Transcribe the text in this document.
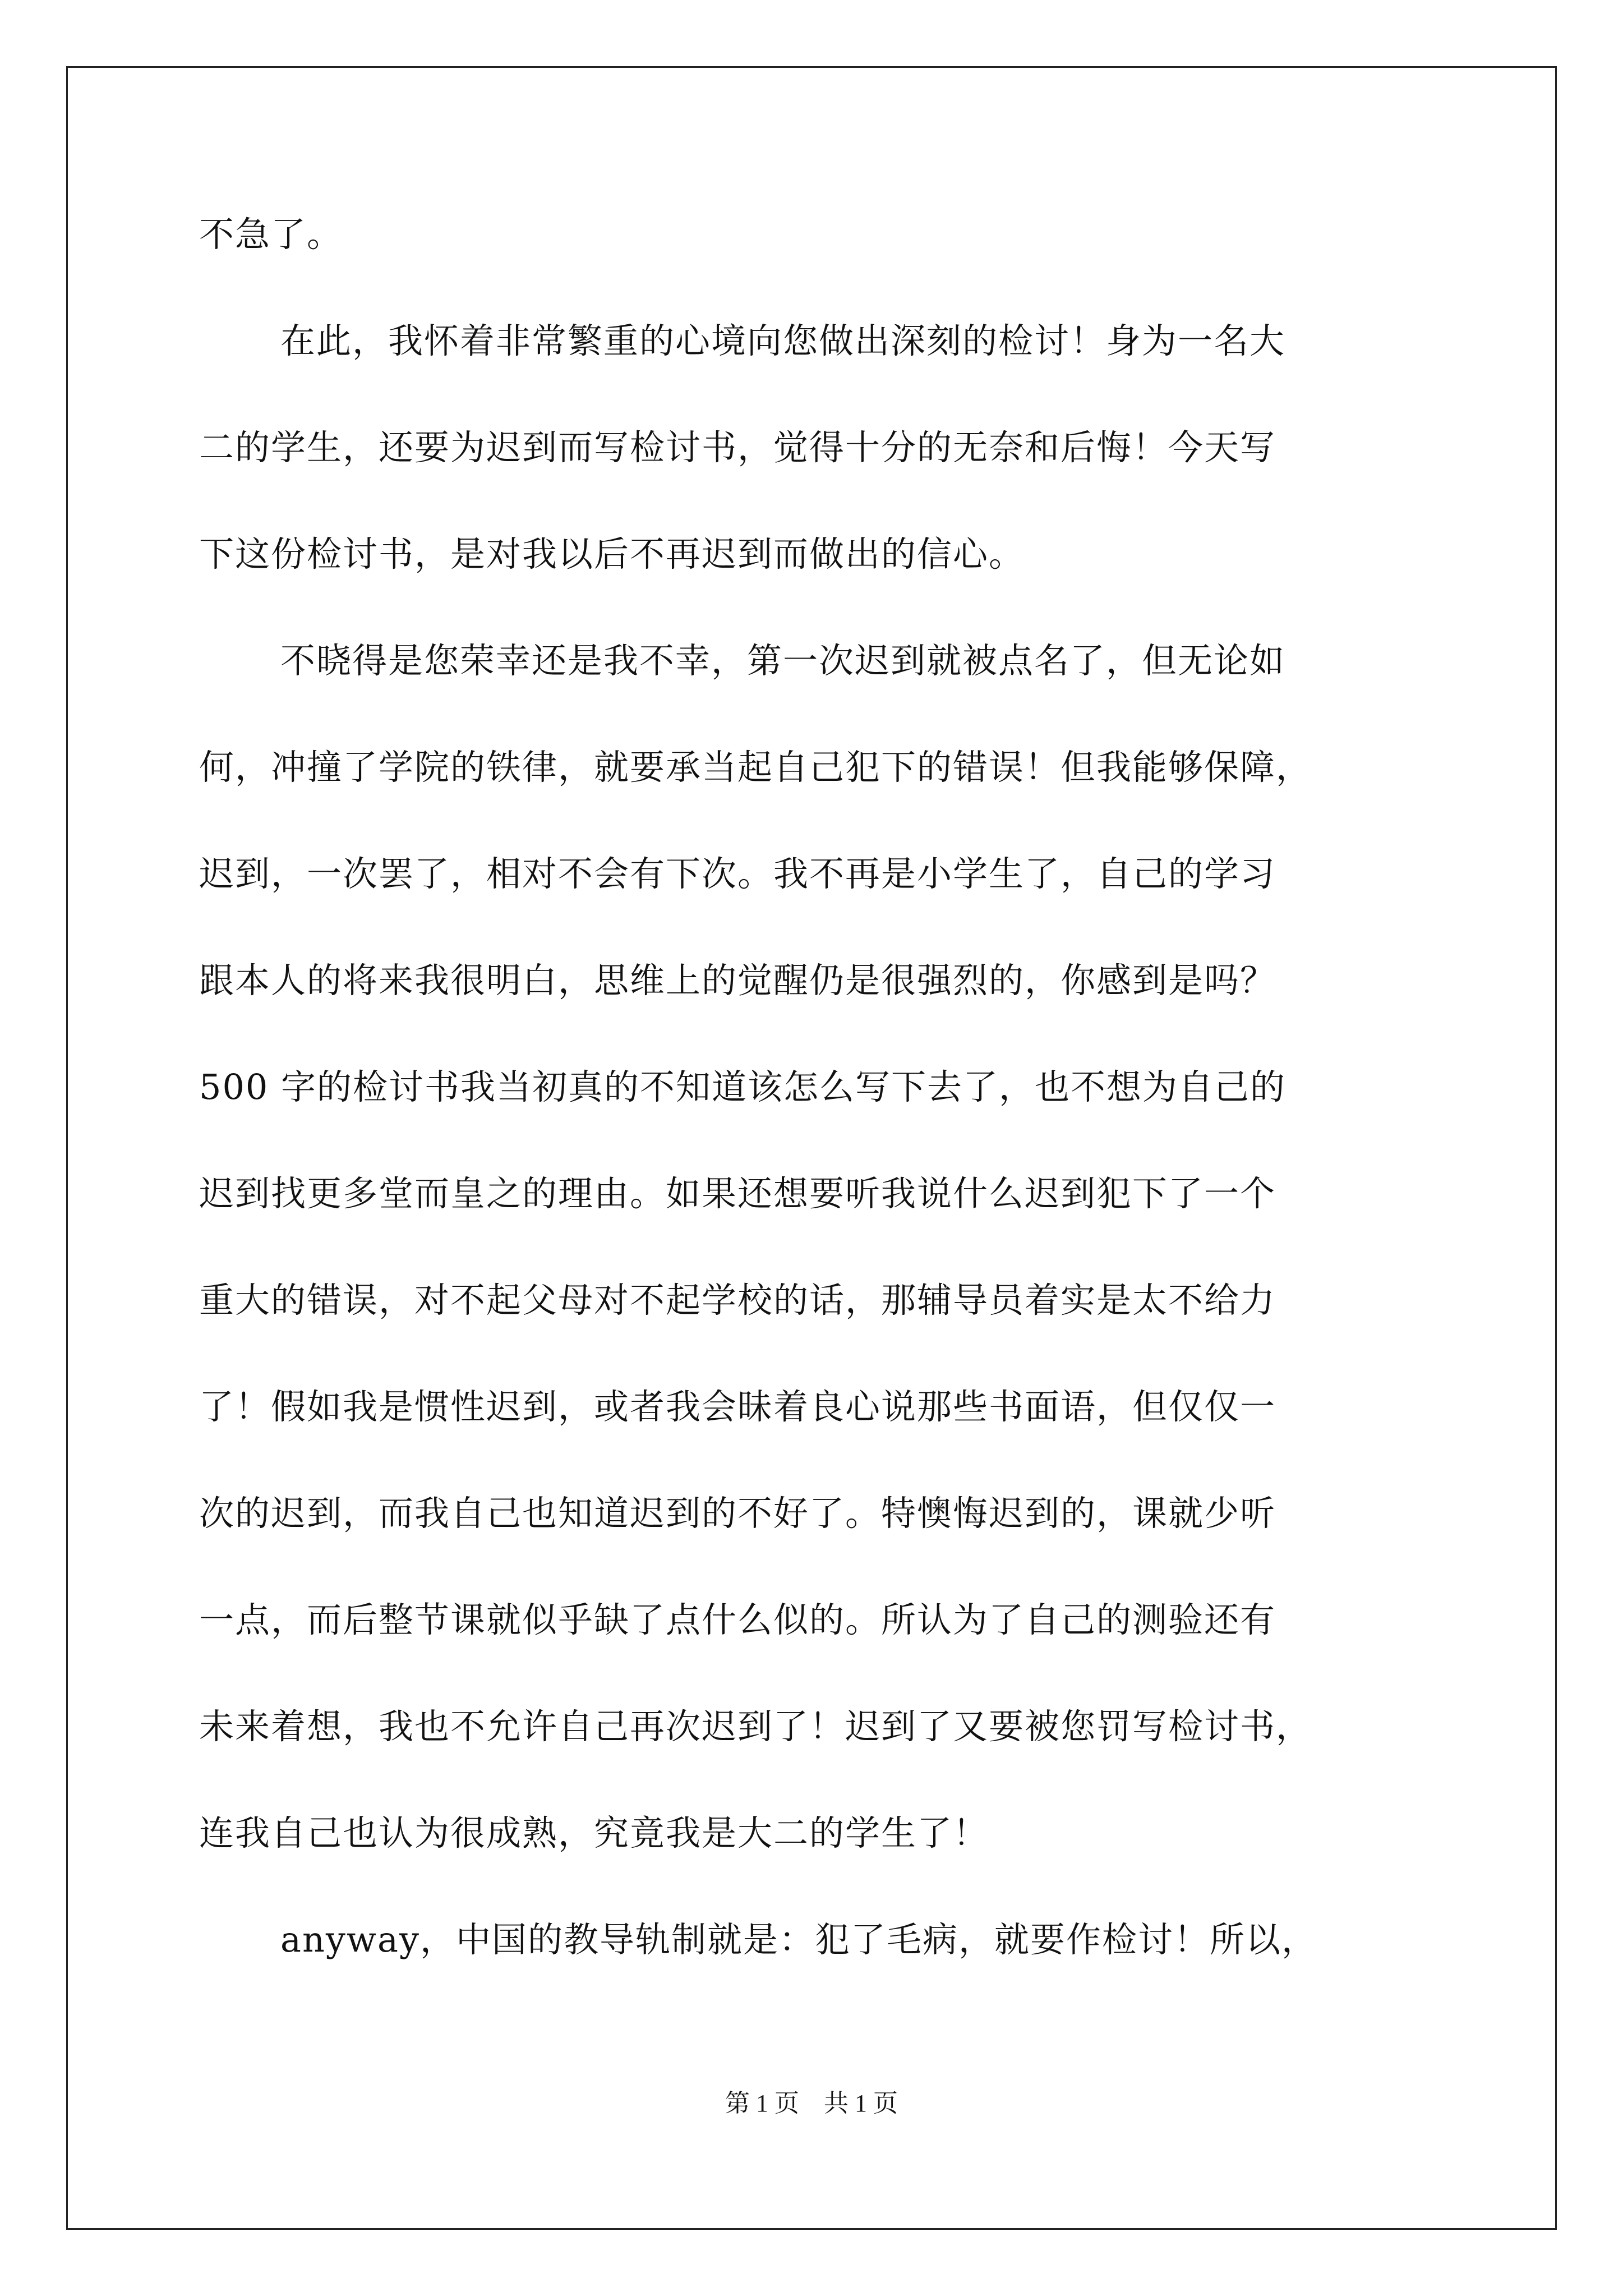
不急了。
在此，我怀着非常繁重的心境向您做出深刻的检讨！身为一名大
二的学生，还要为迟到而写检讨书，觉得十分的无奈和后悔！今天写
下这份检讨书，是对我以后不再迟到而做出的信心。
不晓得是您荣幸还是我不幸，第一次迟到就被点名了，但无论如
何，冲撞了学院的铁律，就要承当起自己犯下的错误！但我能够保障，
迟到，一次罢了，相对不会有下次。我不再是小学生了，自己的学习
跟本人的将来我很明白，思维上的觉醒仍是很强烈的，你感到是吗？
500 字的检讨书我当初真的不知道该怎么写下去了，也不想为自己的
迟到找更多堂而皇之的理由。如果还想要听我说什么迟到犯下了一个
重大的错误，对不起父母对不起学校的话，那辅导员着实是太不给力
了！假如我是惯性迟到，或者我会昧着良心说那些书面语，但仅仅一
次的迟到，而我自己也知道迟到的不好了。特懊悔迟到的，课就少听
一点，而后整节课就似乎缺了点什么似的。所认为了自己的测验还有
未来着想，我也不允许自己再次迟到了！迟到了又要被您罚写检讨书，
连我自己也认为很成熟，究竟我是大二的学生了！
anyway，中国的教导轨制就是：犯了毛病，就要作检讨！所以，
第 1 页　共 1 页
